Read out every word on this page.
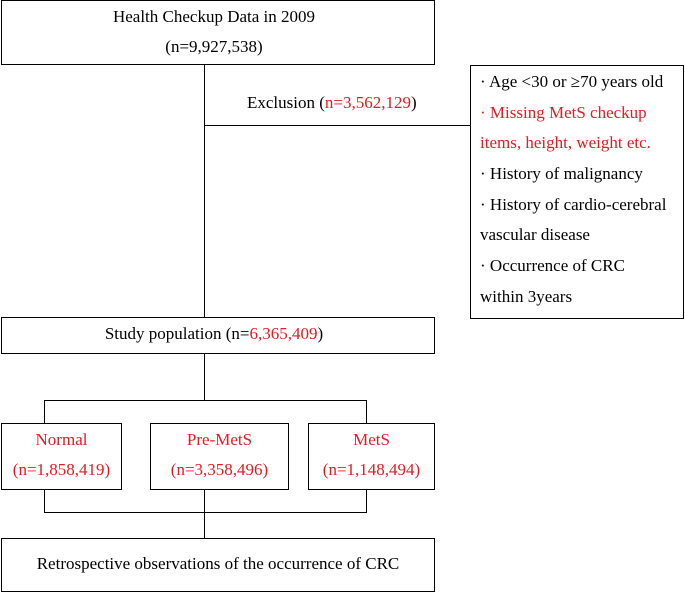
Health Checkup Data in 2009
(n=9,927,538)
Exclusion (n=3,562,129)
· Age <30 or ≥70 years old
· Missing MetS checkup
items, height, weight etc.
· History of malignancy
· History of cardio-cerebral
vascular disease
· Occurrence of CRC
within 3years
Study population (n=6,365,409)
Normal
(n=1,858,419)
Pre-MetS
(n=3,358,496)
MetS
(n=1,148,494)
Retrospective observations of the occurrence of CRC
